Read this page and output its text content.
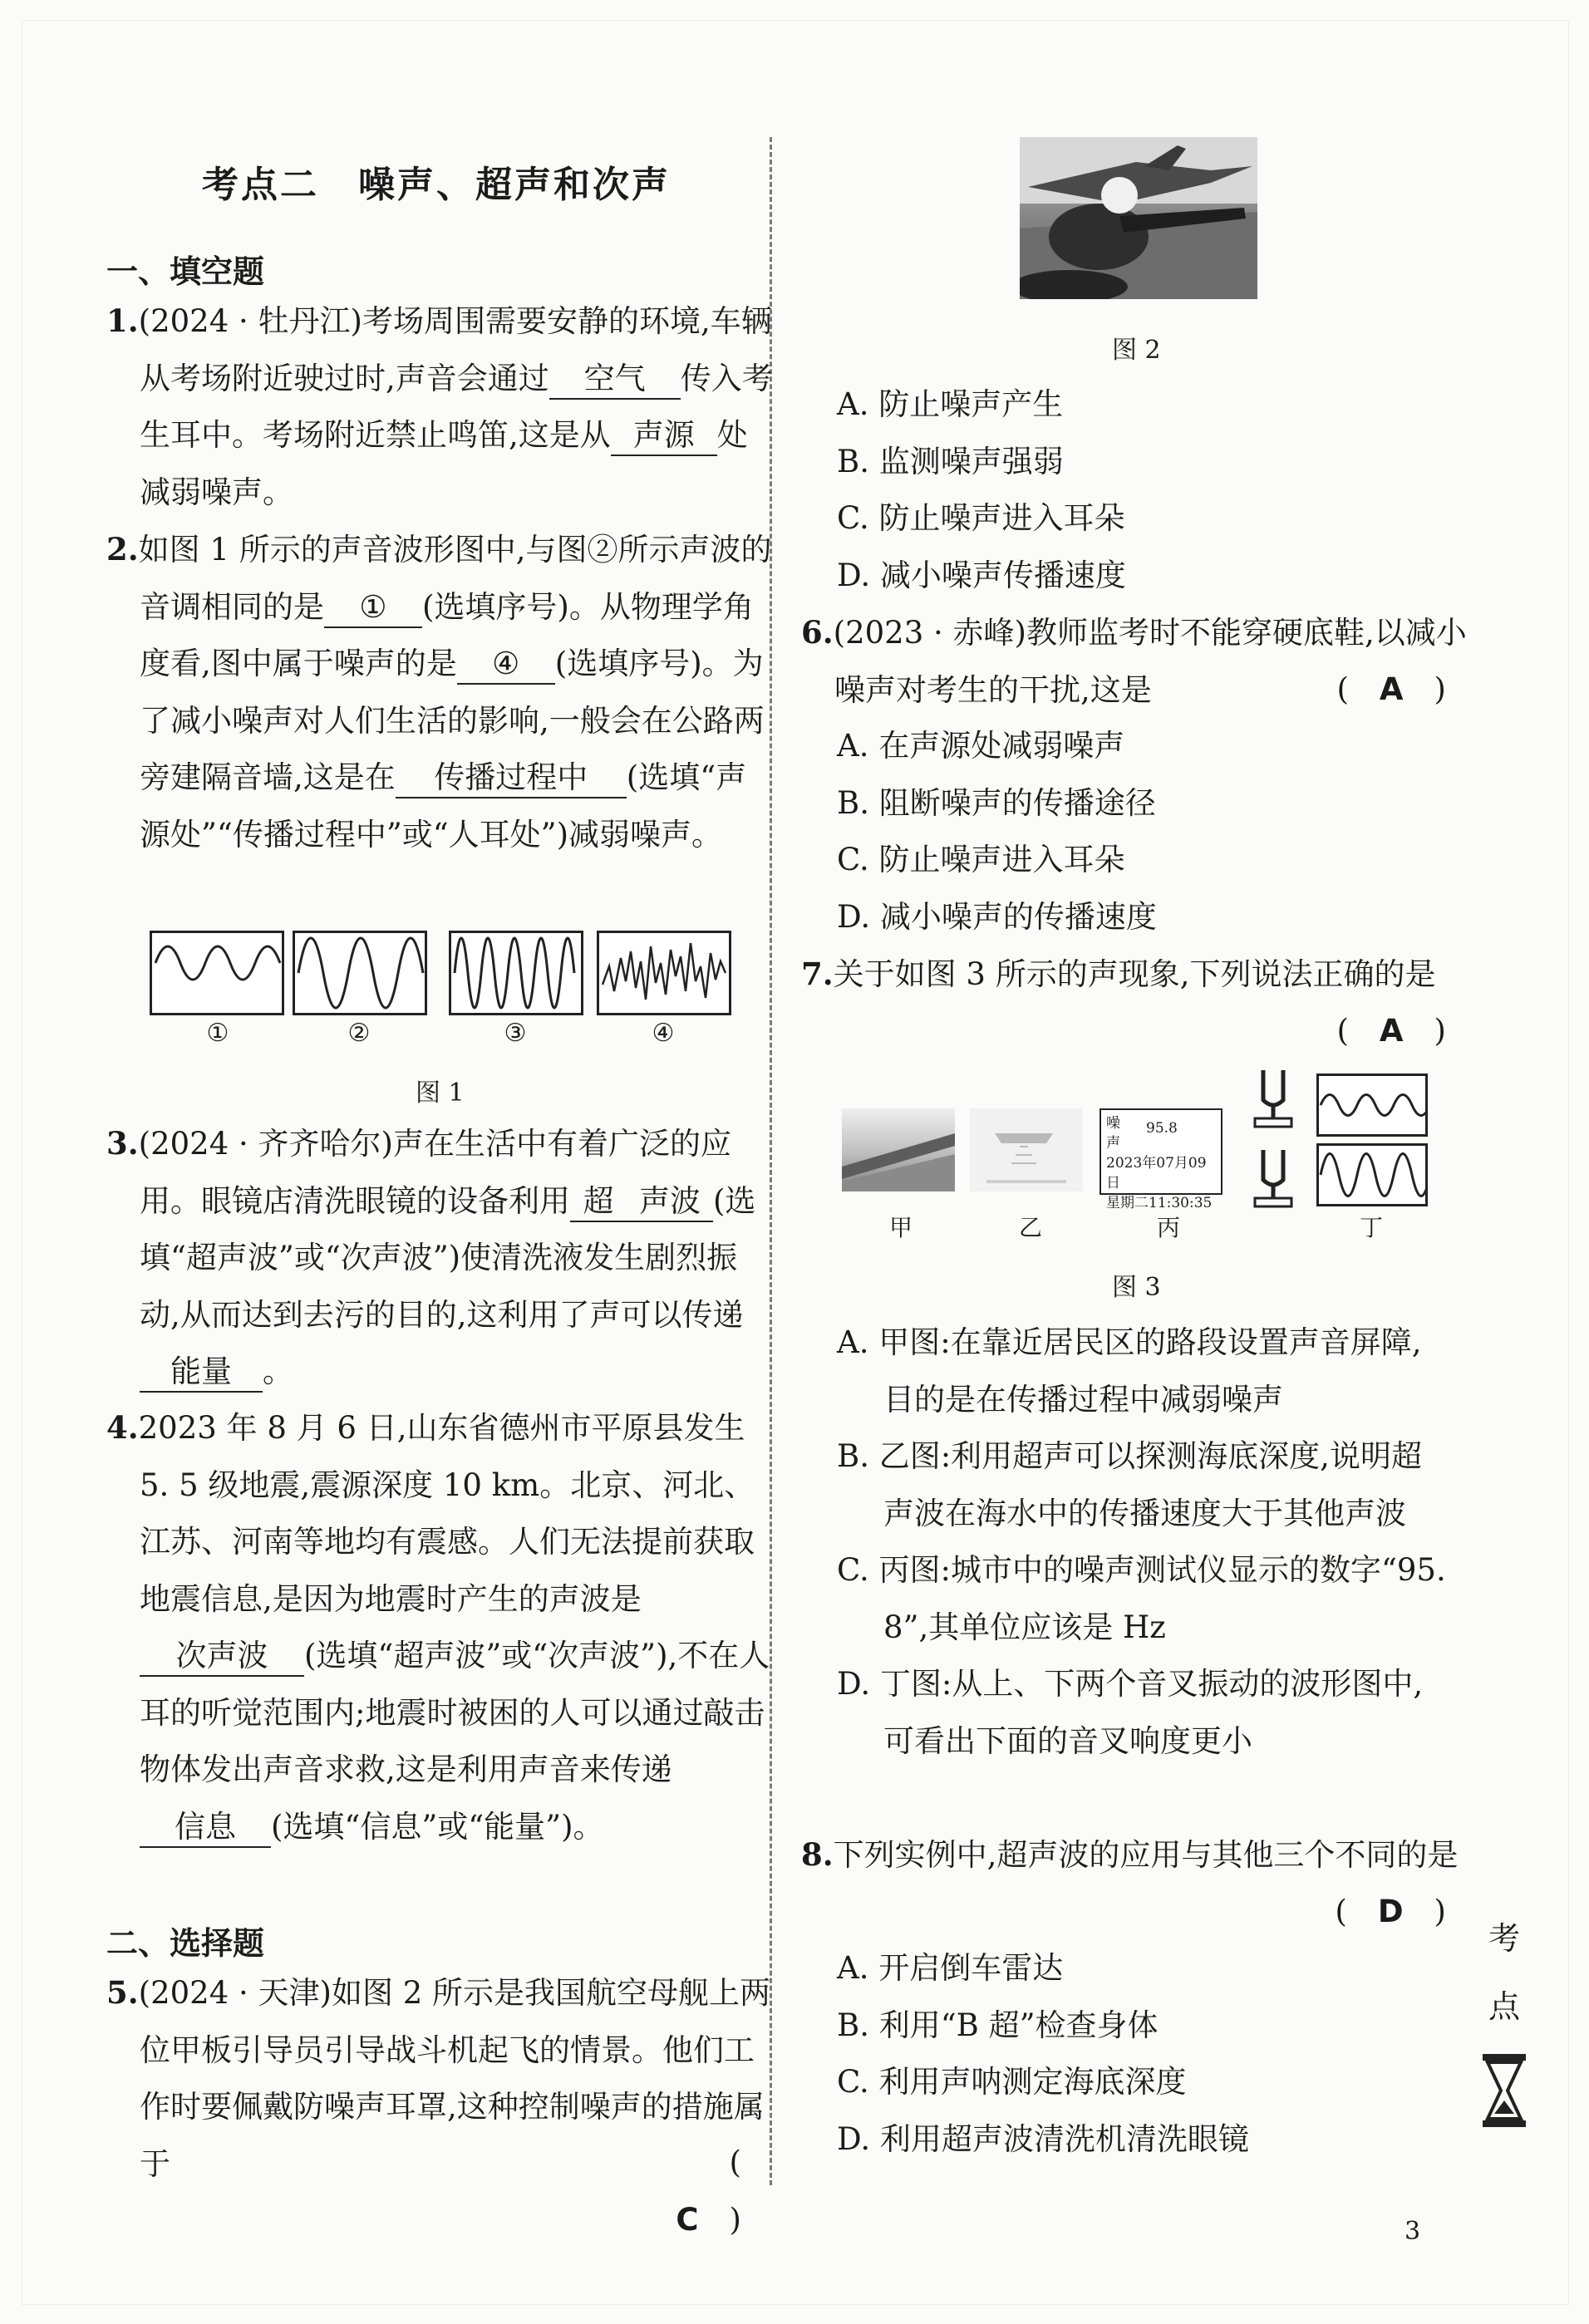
考点二　噪声、超声和次声
一、填空题
1.(2024 · 牡丹江)考场周围需要安静的环境,车辆从考场附近驶过时,声音会通过 空气 传入考生耳中。考场附近禁止鸣笛,这是从 声源 处减弱噪声。
2.如图 1 所示的声音波形图中,与图②所示声波的音调相同的是 ① (选填序号)。从物理学角度看,图中属于噪声的是 ④ (选填序号)。为了减小噪声对人们生活的影响,一般会在公路两旁建隔音墙,这是在 传播过程中 (选填“声源处”“传播过程中”或“人耳处”)减弱噪声。
①	②	③	④
图 1
3.(2024 · 齐齐哈尔)声在生活中有着广泛的应用。眼镜店清洗眼镜的设备利用 超 声波 (选填“超声波”或“次声波”)使清洗液发生剧烈振动,从而达到去污的目的,这利用了声可以传递能量 。
4.2023 年 8 月 6 日,山东省德州市平原县发生 5. 5 级地震,震源深度 10 km。北京、河北、江苏、河南等地均有震感。人们无法提前获取地震信息,是因为地震时产生的声波是次声波 (选填“超声波”或“次声波”),不在人耳的听觉范围内;地震时被困的人可以通过敲击物体发出声音求救,这是利用声音来传递信息 (选填“信息”或“能量”)。
二、选择题
5.(2024 · 天津)如图 2 所示是我国航空母舰上两位甲板引导员引导战斗机起飞的情景。他们工作时要佩戴防噪声耳罩,这种控制噪声的措施属于	(　C　)
图 2
A. 防止噪声产生
B. 监测噪声强弱
C. 防止噪声进入耳朵
D. 减小噪声传播速度
6.(2023 · 赤峰)教师监考时不能穿硬底鞋,以减小噪声对考生的干扰,这是	(　A　)
A. 在声源处减弱噪声
B. 阻断噪声的传播途径
C. 防止噪声进入耳朵
D. 减小噪声的传播速度
7.关于如图 3 所示的声现象,下列说法正确的是
(　A　)
噪 95.8
声
2023年07月09日
星期二11:30:35
甲	乙	丙	丁
图 3
A. 甲图:在靠近居民区的路段设置声音屏障,目的是在传播过程中减弱噪声
B. 乙图:利用超声可以探测海底深度,说明超声波在海水中的传播速度大于其他声波
C. 丙图:城市中的噪声测试仪显示的数字“95. 8”,其单位应该是 Hz
D. 丁图:从上、下两个音叉振动的波形图中,可看出下面的音叉响度更小
8.下列实例中,超声波的应用与其他三个不同的是
(　D　)
A. 开启倒车雷达
B. 利用“B 超”检查身体
C. 利用声呐测定海底深度
D. 利用超声波清洗机清洗眼镜
考
点
3
